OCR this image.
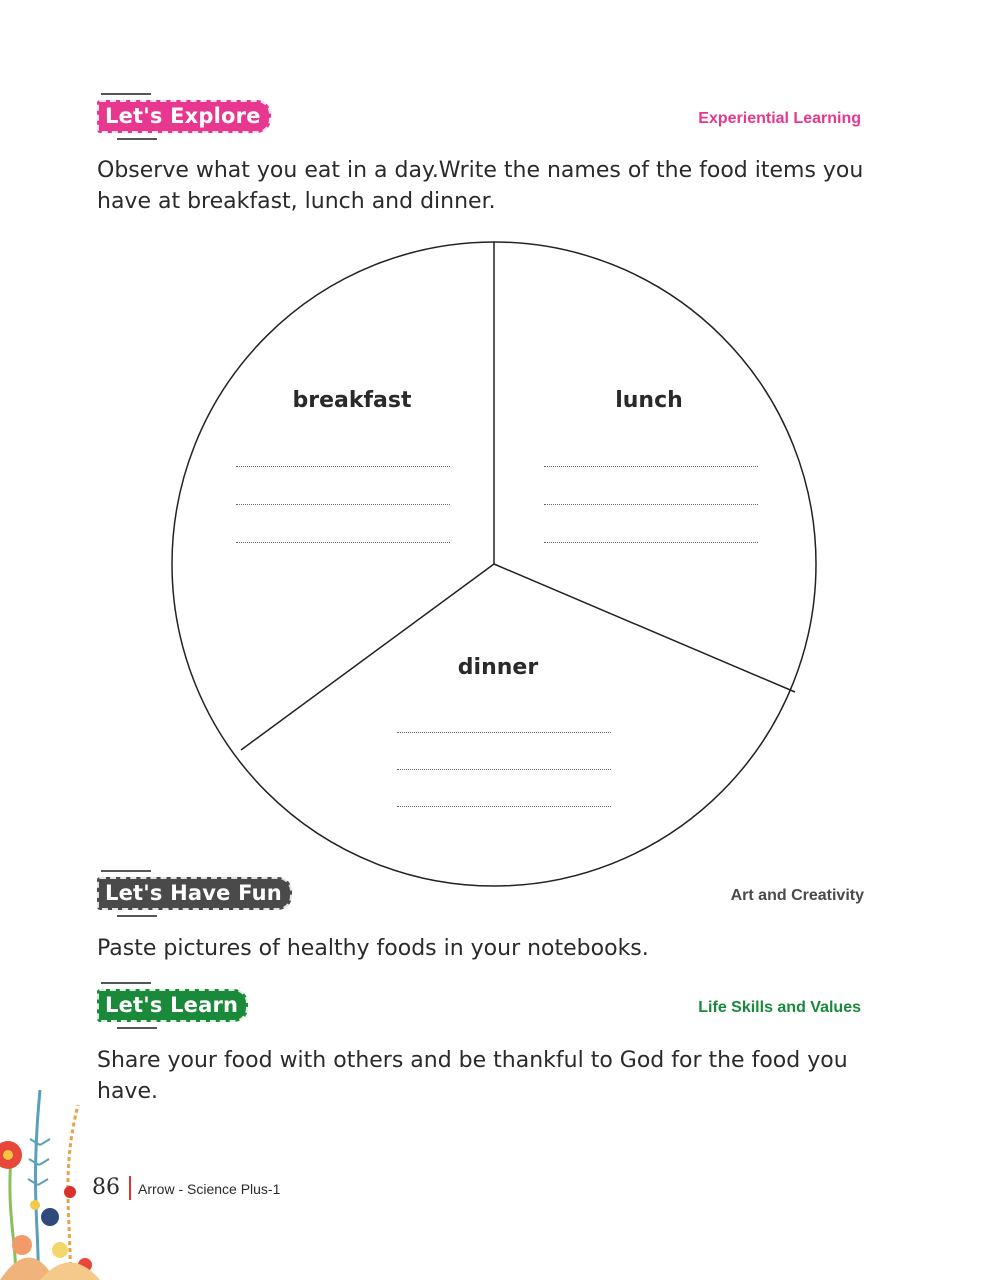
Let's Explore	Experiential Learning

Observe what you eat in a day.Write the names of the food items you have at breakfast, lunch and dinner.

breakfast	lunch
dinner
Let's Have Fun	Art and Creativity

Paste pictures of healthy foods in your notebooks.

Let's Learn	Life Skills and Values

Share your food with others and be thankful to God for the food you have.

86 Arrow - Science Plus-1
